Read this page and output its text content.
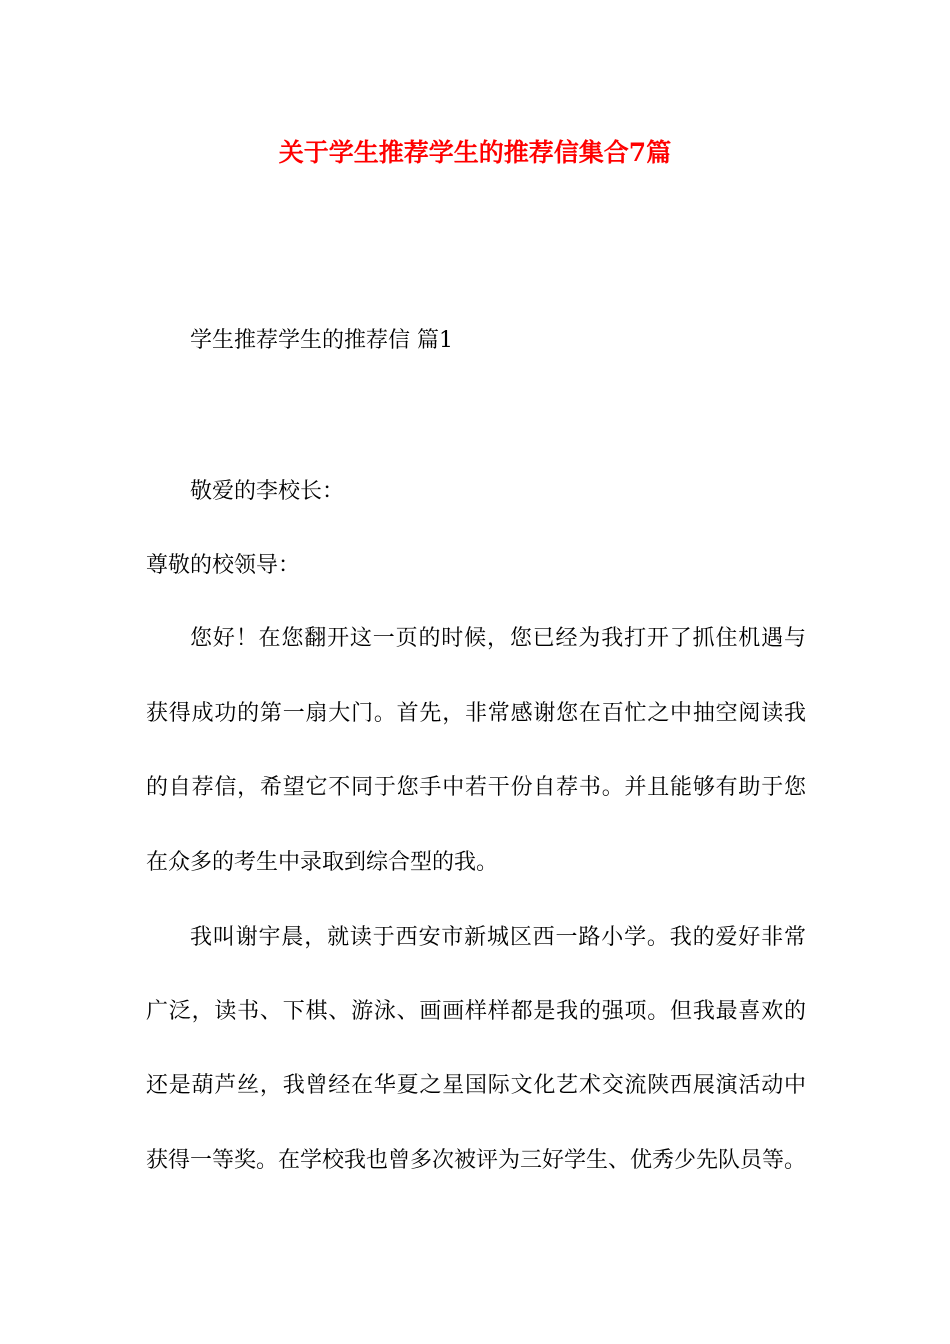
关于学生推荐学生的推荐信集合7篇
学生推荐学生的推荐信 篇1
敬爱的李校长：
尊敬的校领导：
您好！在您翻开这一页的时候，您已经为我打开了抓住机遇与
获得成功的第一扇大门。首先，非常感谢您在百忙之中抽空阅读我
的自荐信，希望它不同于您手中若干份自荐书。并且能够有助于您
在众多的考生中录取到综合型的我。
我叫谢宇晨，就读于西安市新城区西一路小学。我的爱好非常
广泛，读书、下棋、游泳、画画样样都是我的强项。但我最喜欢的
还是葫芦丝，我曾经在华夏之星国际文化艺术交流陕西展演活动中
获得一等奖。在学校我也曾多次被评为三好学生、优秀少先队员等。
